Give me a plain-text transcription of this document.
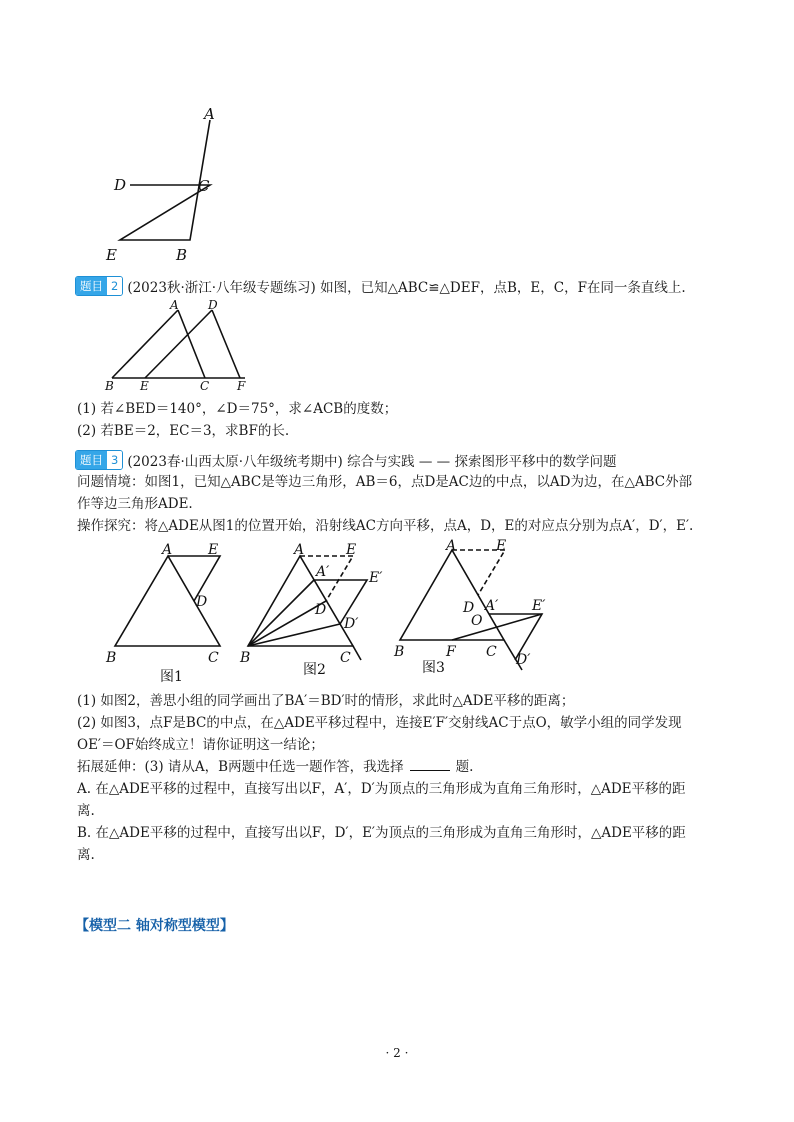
A
D	C
E	B
题目 2 (2023秋·浙江·八年级专题练习) 如图，已知△ABC≌△DEF，点B，E，C，F在同一条直线上.
A D
B E	C F
(1) 若∠BED＝140°，∠D＝75°，求∠ACB的度数；
(2) 若BE＝2，EC＝3，求BF的长.
题目 3 (2023春·山西太原·八年级统考期中) 综合与实践 — — 探索图形平移中的数学问题
问题情境：如图1，已知△ABC是等边三角形，AB＝6，点D是AC边的中点，以AD为边，在△ABC外部
作等边三角形ADE.
操作探究：将△ADE从图1的位置开始，沿射线AC方向平移，点A，D，E的对应点分别为点A′，D′，E′.
A	E
D
B	C
图1
A	E
A′	E′
D
D′
B	C
图2
A	E
D A′ E′
O
B	F C D′
图3
(1) 如图2，善思小组的同学画出了BA′＝BD′时的情形，求此时△ADE平移的距离；
(2) 如图3，点F是BC的中点，在△ADE平移过程中，连接E′F′交射线AC于点O，敏学小组的同学发现
OE′＝OF始终成立！请你证明这一结论；
拓展延伸：(3) 请从A，B两题中任选一题作答，我选择	题.
A. 在△ADE平移的过程中，直接写出以F，A′，D′为顶点的三角形成为直角三角形时，△ADE平移的距
离.
B. 在△ADE平移的过程中，直接写出以F，D′，E′为顶点的三角形成为直角三角形时，△ADE平移的距
离.
【模型二 轴对称型模型】
· 2 ·
